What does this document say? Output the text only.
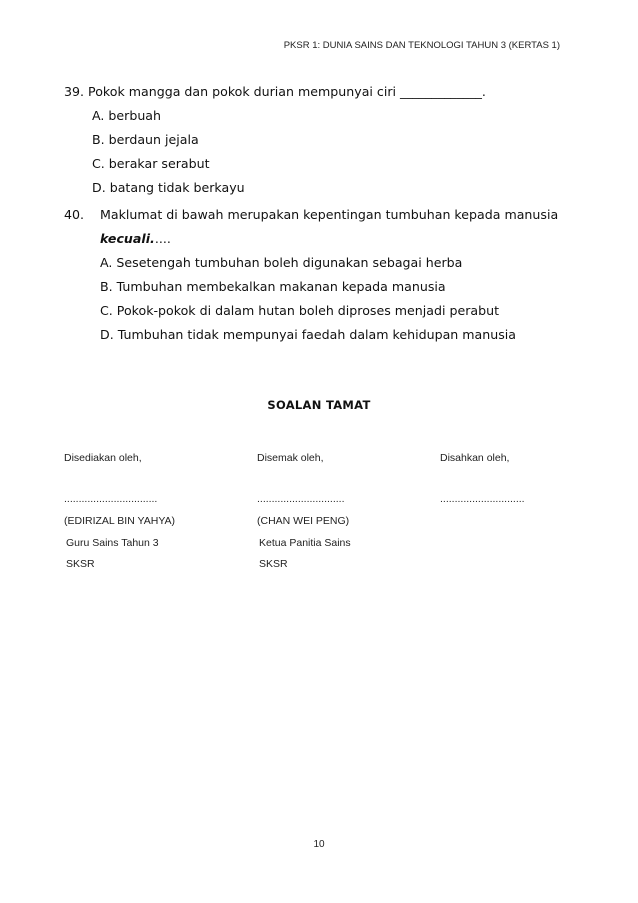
PKSR 1: DUNIA SAINS DAN TEKNOLOGI TAHUN 3 (KERTAS 1)
39. Pokok mangga dan pokok durian mempunyai ciri _____________.
A. berbuah
B. berdaun jejala
C. berakar serabut
D. batang tidak berkayu
40. Maklumat di bawah merupakan kepentingan tumbuhan kepada manusia
kecuali.....
A. Sesetengah tumbuhan boleh digunakan sebagai herba
B. Tumbuhan membekalkan makanan kepada manusia
C. Pokok-pokok di dalam hutan boleh diproses menjadi perabut
D. Tumbuhan tidak mempunyai faedah dalam kehidupan manusia
SOALAN TAMAT
Disediakan oleh,
................................
(EDIRIZAL BIN YAHYA)
Guru Sains Tahun 3
SKSR
Disemak oleh,
..............................
(CHAN WEI PENG)
Ketua Panitia Sains
SKSR
Disahkan oleh,
.............................
10
